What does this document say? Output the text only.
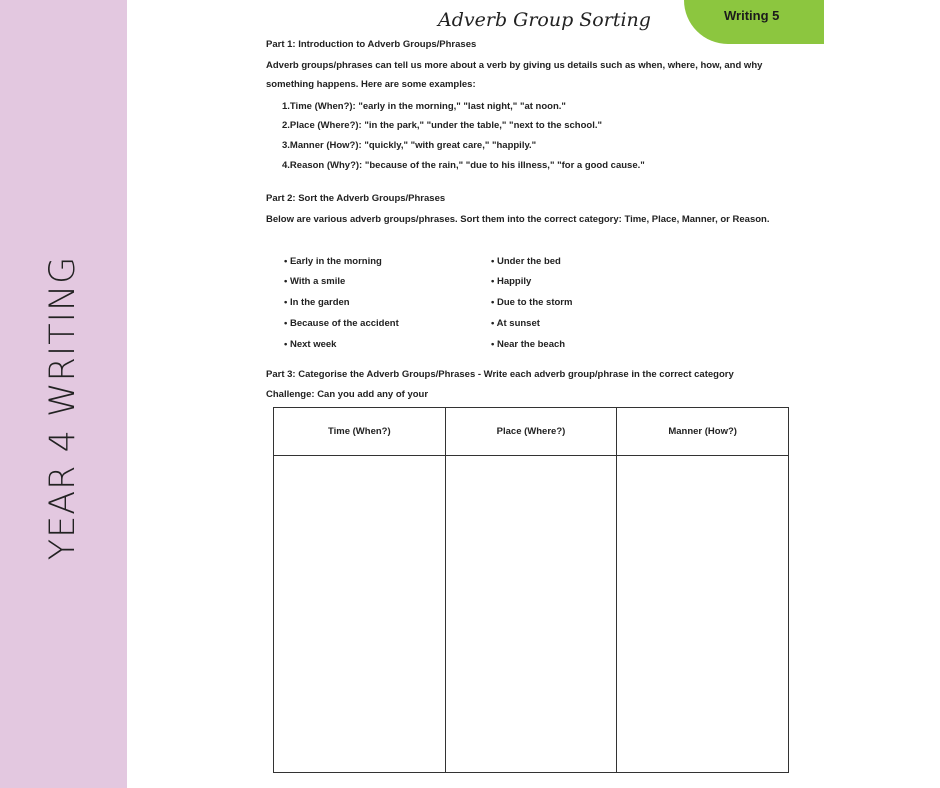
YEAR 4 WRITING
Writing 5
Adverb Group Sorting
Part 1: Introduction to Adverb Groups/Phrases
Adverb groups/phrases can tell us more about a verb by giving us details such as when, where, how, and why something happens. Here are some examples:
1.Time (When?): "early in the morning," "last night," "at noon."
2.Place (Where?): "in the park," "under the table," "next to the school."
3.Manner (How?): "quickly," "with great care," "happily."
4.Reason (Why?): "because of the rain," "due to his illness," "for a good cause."
Part 2: Sort the Adverb Groups/Phrases
Below are various adverb groups/phrases. Sort them into the correct category: Time, Place, Manner, or Reason.
• Early in the morning
• With a smile
• In the garden
• Because of the accident
• Next week
• Under the bed
• Happily
• Due to the storm
• At sunset
• Near the beach
Part 3: Categorise the Adverb Groups/Phrases - Write each adverb group/phrase in the correct category
Challenge: Can you add any of your
Time (When?)	Place (Where?)	Manner (How?)
